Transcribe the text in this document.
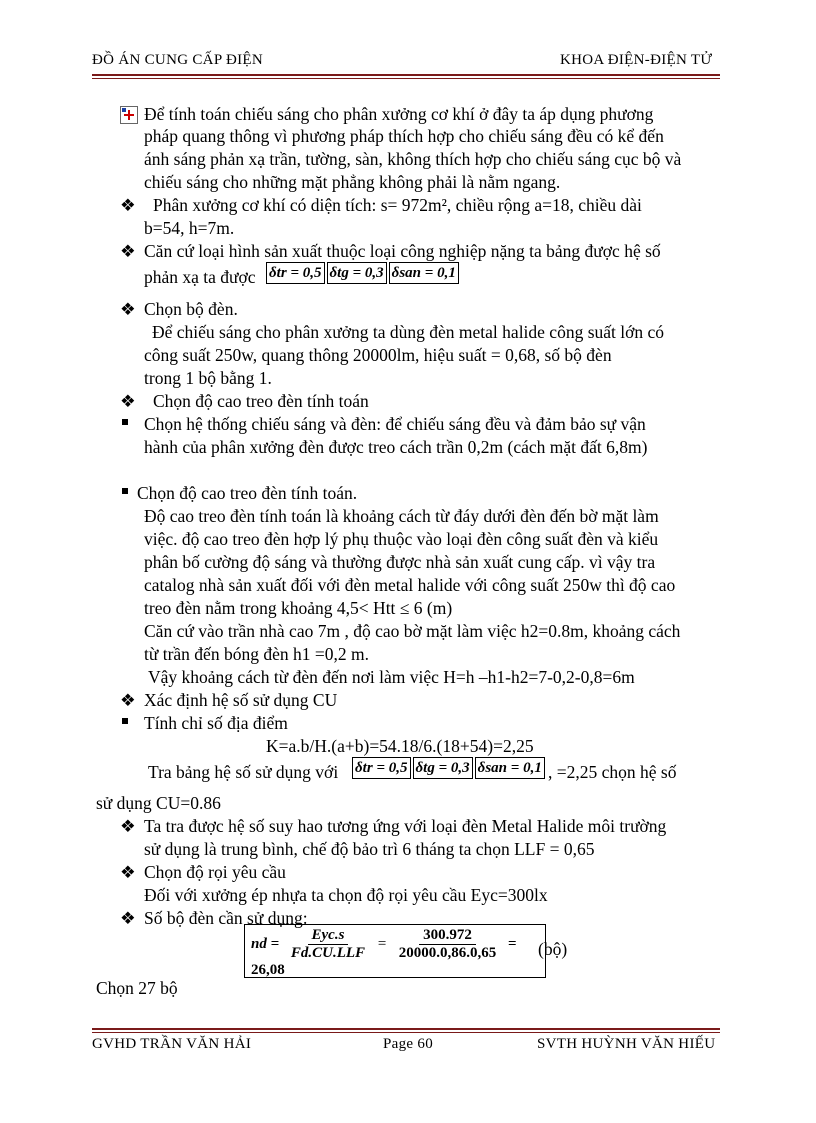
ĐỒ ÁN CUNG CẤP ĐIỆN	KHOA ĐIỆN-ĐIỆN TỬ
Để tính toán chiếu sáng cho phân xưởng cơ khí ở đây ta áp dụng phương
pháp quang thông vì phương pháp thích hợp cho chiếu sáng đều có kể đến
ánh sáng phản xạ trần, tường, sàn, không thích hợp cho chiếu sáng cục bộ và
chiếu sáng cho những mặt phẳng không phải là nằm ngang.
❖ Phân xưởng cơ khí có diện tích: s= 972m², chiều rộng a=18, chiều dài
b=54, h=7m.
❖ Căn cứ loại hình sản xuất thuộc loại công nghiệp nặng ta bảng được hệ số
phản xạ ta được δtr = 0,5 δtg = 0,3 δsan = 0,1
❖ Chọn bộ đèn.
Để chiếu sáng cho phân xưởng ta dùng đèn metal halide công suất lớn có
công suất 250w, quang thông 20000lm, hiệu suất = 0,68, số bộ đèn
trong 1 bộ bằng 1.
❖ Chọn độ cao treo đèn tính toán
Chọn hệ thống chiếu sáng và đèn: để chiếu sáng đều và đảm bảo sự vận
hành của phân xưởng đèn được treo cách trần 0,2m (cách mặt đất 6,8m)
Chọn độ cao treo đèn tính toán.
Độ cao treo đèn tính toán là khoảng cách từ đáy dưới đèn đến bờ mặt làm
việc. độ cao treo đèn hợp lý phụ thuộc vào loại đèn công suất đèn và kiểu
phân bố cường độ sáng và thường được nhà sản xuất cung cấp. vì vậy tra
catalog nhà sản xuất đối với đèn metal halide với công suất 250w thì độ cao
treo đèn nằm trong khoảng 4,5< Htt ≤ 6 (m)
Căn cứ vào trần nhà cao 7m , độ cao bờ mặt làm việc h2=0.8m, khoảng cách
từ trần đến bóng đèn h1 =0,2 m.
Vậy khoảng cách từ đèn đến nơi làm việc H=h –h1-h2=7-0,2-0,8=6m
❖ Xác định hệ số sử dụng CU
Tính chỉ số địa điểm
K=a.b/H.(a+b)=54.18/6.(18+54)=2,25
Tra bảng hệ số sử dụng với δtr = 0,5 δtg = 0,3 δsan = 0,1 , =2,25 chọn hệ số
sử dụng CU=0.86
❖ Ta tra được hệ số suy hao tương ứng với loại đèn Metal Halide môi trường
sử dụng là trung bình, chế độ bảo trì 6 tháng ta chọn LLF = 0,65
❖ Chọn độ rọi yêu cầu
Đối với xưởng ép nhựa ta chọn độ rọi yêu cầu Eyc=300lx
❖ Số bộ đèn cần sử dụng:
nd = $\frac{\text{Eyc.s}}{\text{Fd.CU.LLF}} = \frac{300.972}{20000.0,86.0,65} = 26,08$
(bộ)
Chọn 27 bộ
GVHD TRẦN VĂN HẢI	Page 60	SVTH HUỲNH VĂN HIẾU
